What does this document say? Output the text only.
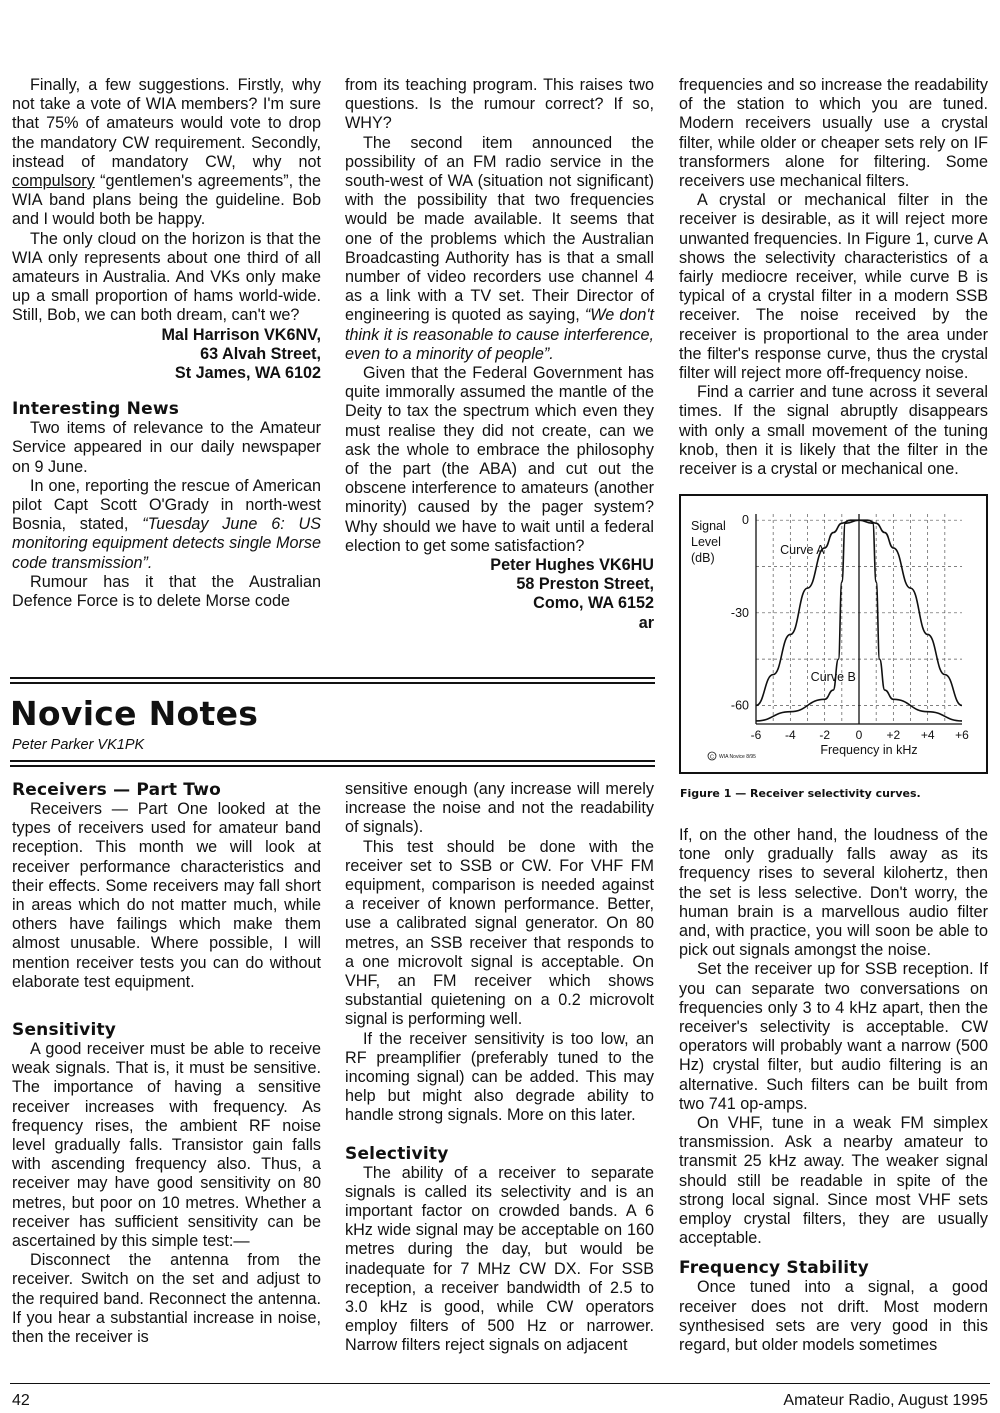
Finally, a few suggestions. Firstly, why not take a vote of WIA members? I'm sure that 75% of amateurs would vote to drop the mandatory CW requirement. Secondly, instead of mandatory CW, why not compulsory “gentlemen's agreements”, the WIA band plans being the guideline. Bob and I would both be happy.

The only cloud on the horizon is that the WIA only represents about one third of all amateurs in Australia. And VKs only make up a small proportion of hams world-wide. Still, Bob, we can both dream, can't we?

Mal Harrison VK6NV,

63 Alvah Street,

St James, WA 6102

Interesting News

Two items of relevance to the Amateur Service appeared in our daily newspaper on 9 June.

In one, reporting the rescue of American pilot Capt Scott O'Grady in north-west Bosnia, stated, “Tuesday June 6: US monitoring equipment detects single Morse code transmission”.

Rumour has it that the Australian Defence Force is to delete Morse code

from its teaching program. This raises two questions. Is the rumour correct? If so, WHY?

The second item announced the possibility of an FM radio service in the south-west of WA (situation not significant) with the possibility that two frequencies would be made available. It seems that one of the problems which the Australian Broadcasting Authority has is that a small number of video recorders use channel 4 as a link with a TV set. Their Director of engineering is quoted as saying, “We don't think it is reasonable to cause interference, even to a minority of people”.

Given that the Federal Government has quite immorally assumed the mantle of the Deity to tax the spectrum which even they must realise they did not create, can we ask the whole to embrace the philosophy of the part (the ABA) and cut out the obscene interference to amateurs (another minority) caused by the pager system? Why should we have to wait until a federal election to get some satisfaction?

Peter Hughes VK6HU

58 Preston Street,

Como, WA 6152

ar

frequencies and so increase the readability of the station to which you are tuned. Modern receivers usually use a crystal filter, while older or cheaper sets rely on IF transformers alone for filtering. Some receivers use mechanical filters.

A crystal or mechanical filter in the receiver is desirable, as it will reject more unwanted frequencies. In Figure 1, curve A shows the selectivity characteristics of a fairly mediocre receiver, while curve B is typical of a crystal filter in a modern SSB receiver. The noise received by the receiver is proportional to the area under the filter's response curve, thus the crystal filter will reject more off-frequency noise.

Find a carrier and tune across it several times. If the signal abruptly disappears with only a small movement of the tuning knob, then it is likely that the filter in the receiver is a crystal or mechanical one.

Curve A
Curve B
Signal
Level
(dB)
0
-30
-60
-6 -4 -2 0 +2 +4 +6
Frequency in kHz
C WIA Novice 8/95
Figure 1 — Receiver selectivity curves.
Novice Notes
Peter Parker VK1PK

Receivers — Part Two

Receivers — Part One looked at the types of receivers used for amateur band reception. This month we will look at receiver performance characteristics and their effects. Some receivers may fall short in areas which do not matter much, while others have failings which make them almost unusable. Where possible, I will mention receiver tests you can do without elaborate test equipment.

Sensitivity

A good receiver must be able to receive weak signals. That is, it must be sensitive. The importance of having a sensitive receiver increases with frequency. As frequency rises, the ambient RF noise level gradually falls. Transistor gain falls with ascending frequency also. Thus, a receiver may have good sensitivity on 80 metres, but poor on 10 metres. Whether a receiver has sufficient sensitivity can be ascertained by this simple test:—

Disconnect the antenna from the receiver. Switch on the set and adjust to the required band. Reconnect the antenna. If you hear a substantial increase in noise, then the receiver is

sensitive enough (any increase will merely increase the noise and not the readability of signals).

This test should be done with the receiver set to SSB or CW. For VHF FM equipment, comparison is needed against a receiver of known performance. Better, use a calibrated signal generator. On 80 metres, an SSB receiver that responds to a one microvolt signal is acceptable. On VHF, an FM receiver which shows substantial quietening on a 0.2 microvolt signal is performing well.

If the receiver sensitivity is too low, an RF preamplifier (preferably tuned to the incoming signal) can be added. This may help but might also degrade ability to handle strong signals. More on this later.

Selectivity

The ability of a receiver to separate signals is called its selectivity and is an important factor on crowded bands. A 6 kHz wide signal may be acceptable on 160 metres during the day, but would be inadequate for 7 MHz CW DX. For SSB reception, a receiver bandwidth of 2.5 to 3.0 kHz is good, while CW operators employ filters of 500 Hz or narrower. Narrow filters reject signals on adjacent

If, on the other hand, the loudness of the tone only gradually falls away as its frequency rises to several kilohertz, then the set is less selective. Don't worry, the human brain is a marvellous audio filter and, with practice, you will soon be able to pick out signals amongst the noise.

Set the receiver up for SSB reception. If you can separate two conversations on frequencies only 3 to 4 kHz apart, then the receiver's selectivity is acceptable. CW operators will probably want a narrow (500 Hz) crystal filter, but audio filtering is an alternative. Such filters can be built from two 741 op-amps.

On VHF, tune in a weak FM simplex transmission. Ask a nearby amateur to transmit 25 kHz away. The weaker signal should still be readable in spite of the strong local signal. Since most VHF sets employ crystal filters, they are usually acceptable.

Frequency Stability

Once tuned into a signal, a good receiver does not drift. Most modern synthesised sets are very good in this regard, but older models sometimes

42	Amateur Radio, August 1995
